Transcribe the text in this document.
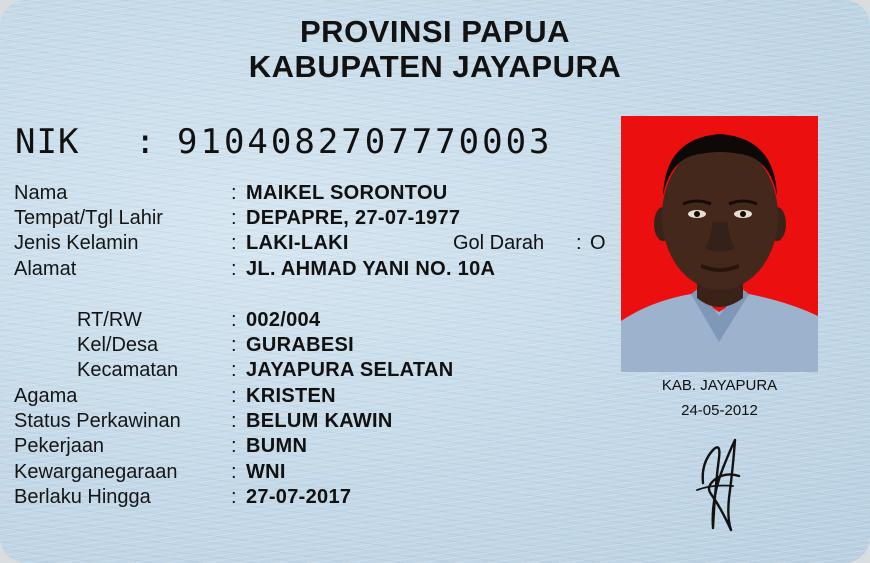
PROVINSI PAPUA
KABUPATEN JAYAPURA
NIK : 9104082707770003
Nama	: MAIKEL SORONTOU
Tempat/Tgl Lahir	: DEPAPRE, 27-07-1977
Jenis Kelamin	: LAKI-LAKI	Gol Darah : O
Alamat	: JL. AHMAD YANI NO. 10A
RT/RW	: 002/004
Kel/Desa	: GURABESI
Kecamatan	: JAYAPURA SELATAN
Agama	: KRISTEN
Status Perkawinan	: BELUM KAWIN
Pekerjaan	: BUMN
Kewarganegaraan	: WNI
Berlaku Hingga	: 27-07-2017
KAB. JAYAPURA
24-05-2012
